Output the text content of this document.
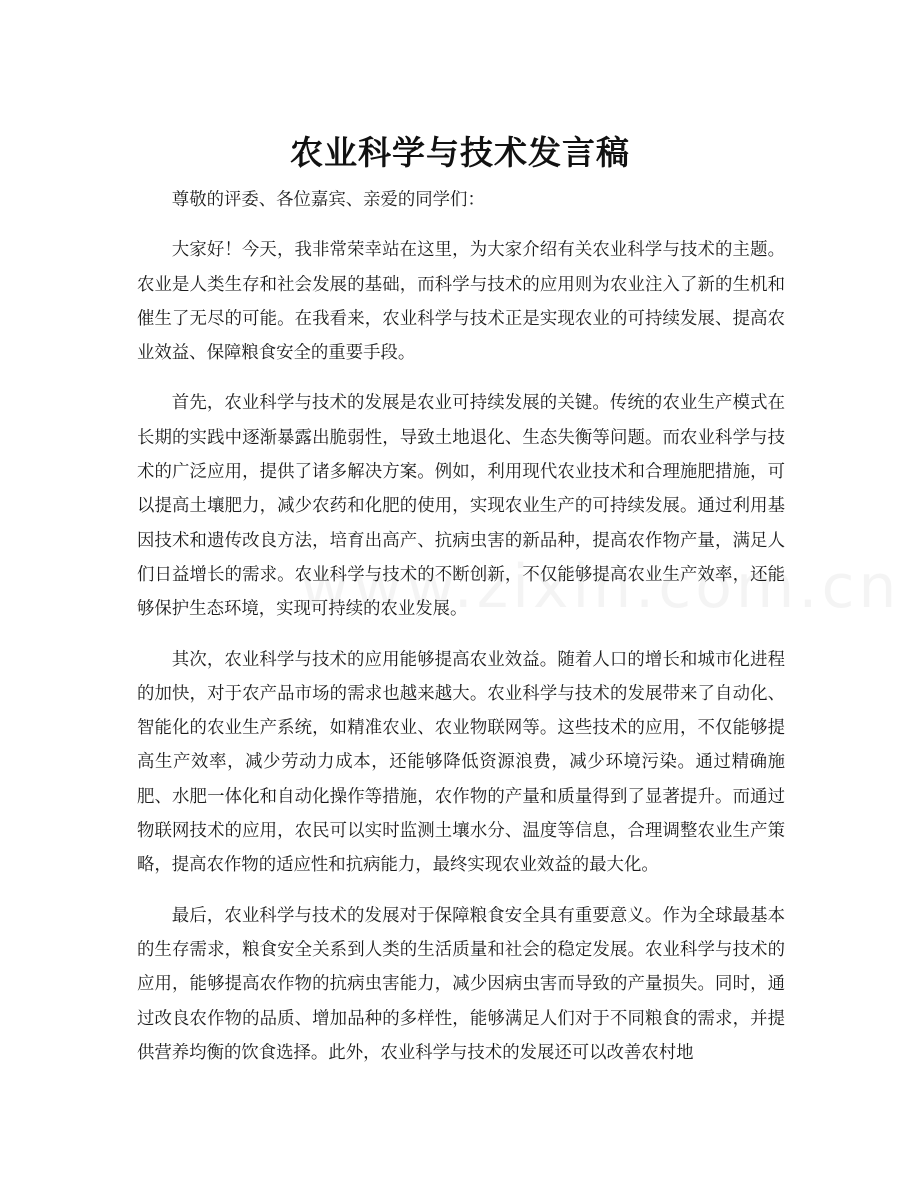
农业科学与技术发言稿

尊敬的评委、各位嘉宾、亲爱的同学们：

大家好！今天，我非常荣幸站在这里，为大家介绍有关农业科学与技术的主题。农业是人类生存和社会发展的基础，而科学与技术的应用则为农业注入了新的生机和催生了无尽的可能。在我看来，农业科学与技术正是实现农业的可持续发展、提高农业效益、保障粮食安全的重要手段。

首先，农业科学与技术的发展是农业可持续发展的关键。传统的农业生产模式在长期的实践中逐渐暴露出脆弱性，导致土地退化、生态失衡等问题。而农业科学与技术的广泛应用，提供了诸多解决方案。例如，利用现代农业技术和合理施肥措施，可以提高土壤肥力，减少农药和化肥的使用，实现农业生产的可持续发展。通过利用基因技术和遗传改良方法，培育出高产、抗病虫害的新品种，提高农作物产量，满足人们日益增长的需求。农业科学与技术的不断创新，不仅能够提高农业生产效率，还能够保护生态环境，实现可持续的农业发展。

其次，农业科学与技术的应用能够提高农业效益。随着人口的增长和城市化进程的加快，对于农产品市场的需求也越来越大。农业科学与技术的发展带来了自动化、智能化的农业生产系统，如精准农业、农业物联网等。这些技术的应用，不仅能够提高生产效率，减少劳动力成本，还能够降低资源浪费，减少环境污染。通过精确施肥、水肥一体化和自动化操作等措施，农作物的产量和质量得到了显著提升。而通过物联网技术的应用，农民可以实时监测土壤水分、温度等信息，合理调整农业生产策略，提高农作物的适应性和抗病能力，最终实现农业效益的最大化。

最后，农业科学与技术的发展对于保障粮食安全具有重要意义。作为全球最基本的生存需求，粮食安全关系到人类的生活质量和社会的稳定发展。农业科学与技术的应用，能够提高农作物的抗病虫害能力，减少因病虫害而导致的产量损失。同时，通过改良农作物的品质、增加品种的多样性，能够满足人们对于不同粮食的需求，并提供营养均衡的饮食选择。此外，农业科学与技术的发展还可以改善农村地
